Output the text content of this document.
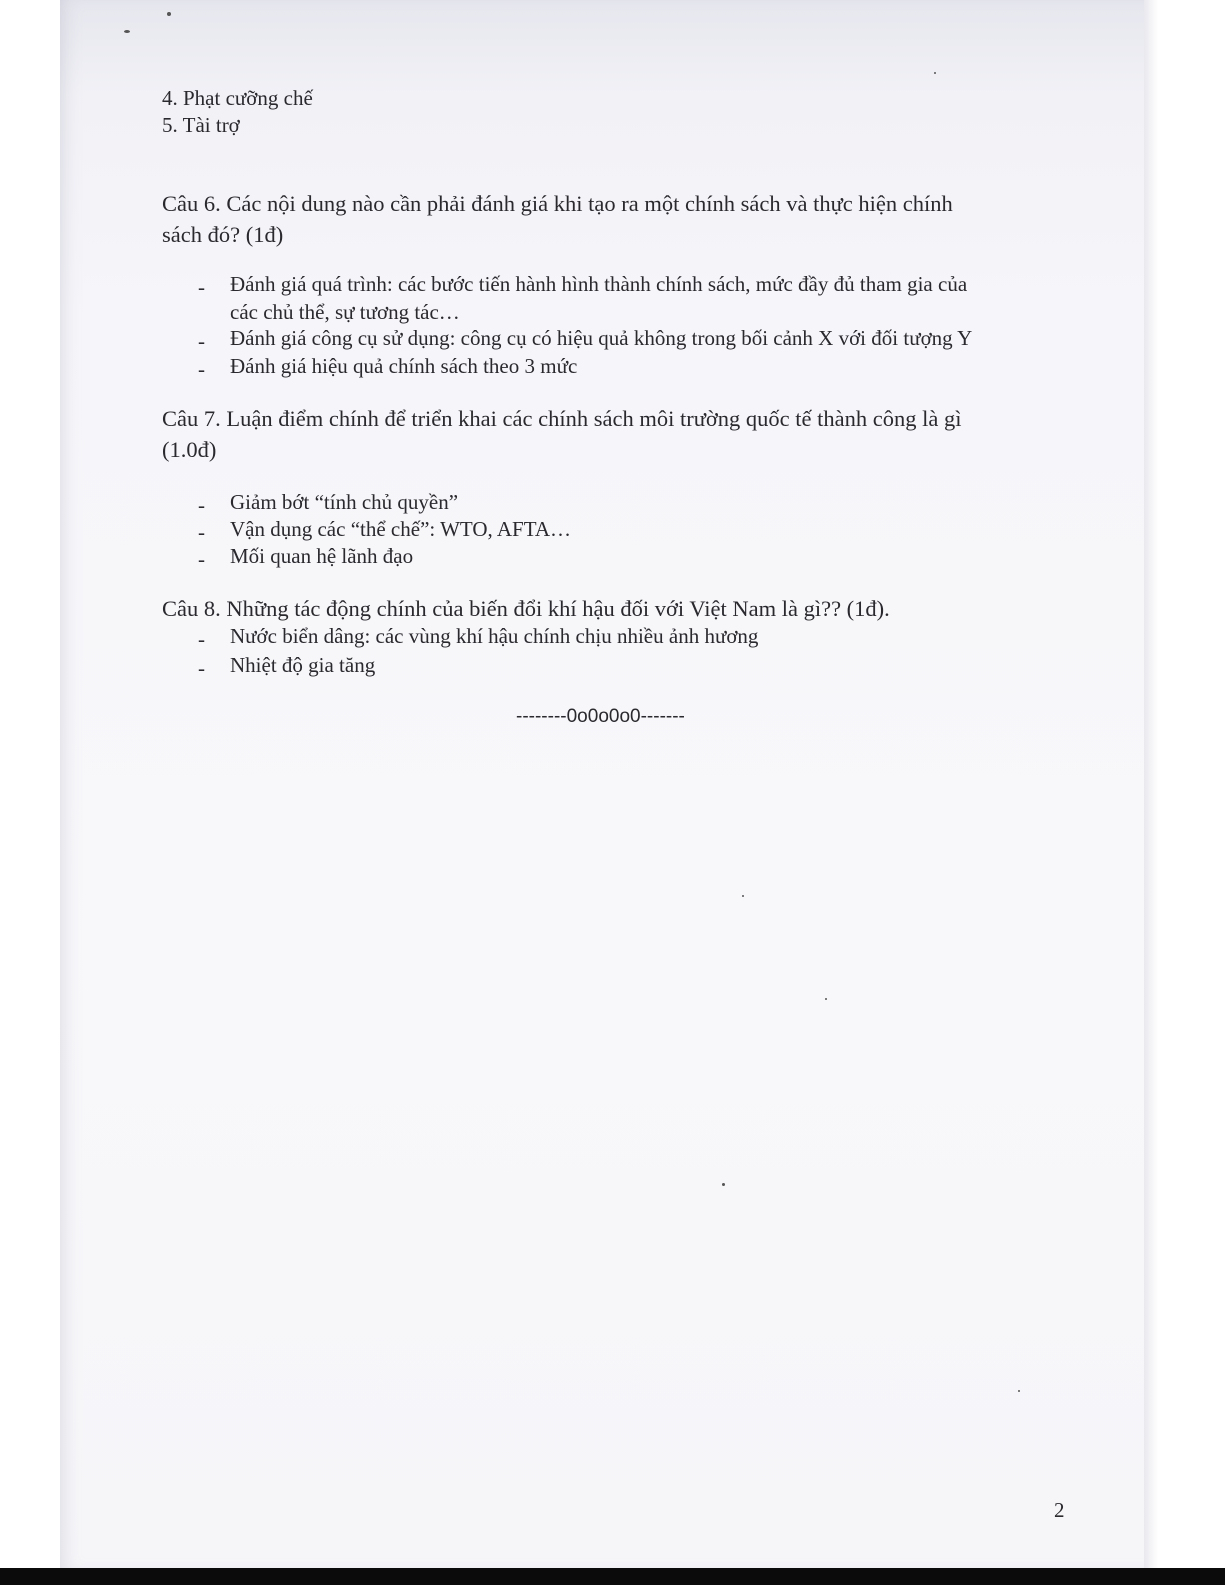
4. Phạt cưỡng chế
5. Tài trợ
Câu 6. Các nội dung nào cần phải đánh giá khi tạo ra một chính sách và thực hiện chính
sách đó? (1đ)
- Đánh giá quá trình: các bước tiến hành hình thành chính sách, mức đầy đủ tham gia của
các chủ thể, sự tương tác…
- Đánh giá công cụ sử dụng: công cụ có hiệu quả không trong bối cảnh X với đối tượng Y
- Đánh giá hiệu quả chính sách theo 3 mức
Câu 7. Luận điểm chính để triển khai các chính sách môi trường quốc tế thành công là gì
(1.0đ)
- Giảm bớt “tính chủ quyền”
- Vận dụng các “thể chế”: WTO, AFTA…
- Mối quan hệ lãnh đạo
Câu 8. Những tác động chính của biến đổi khí hậu đối với Việt Nam là gì?? (1đ).
- Nước biển dâng: các vùng khí hậu chính chịu nhiều ảnh hương
- Nhiệt độ gia tăng
--------0o0o0o0-------
2
